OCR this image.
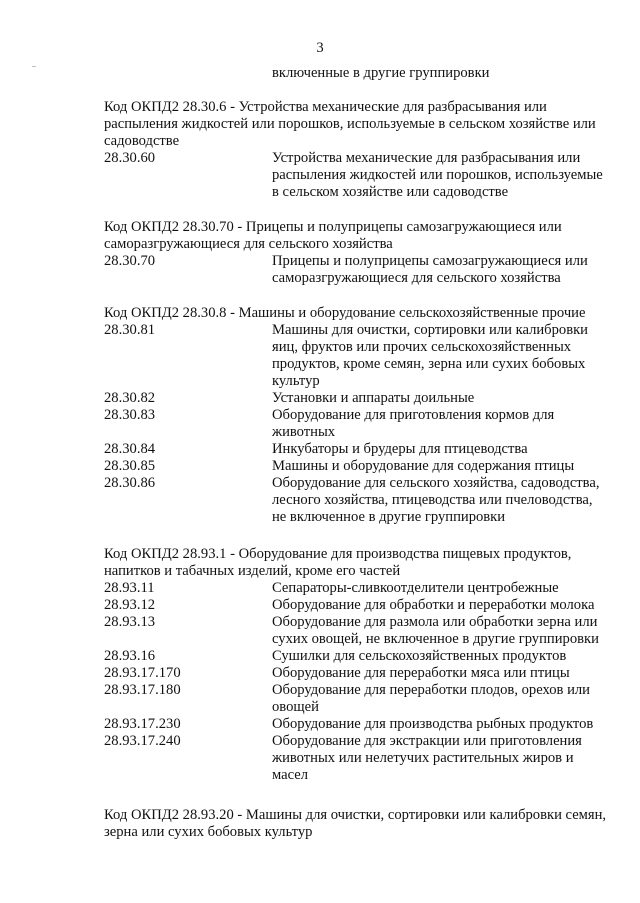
3
..
включенные в другие группировки

Код ОКПД2 28.30.6 - Устройства механические для разбрасывания или распыления жидкостей или порошков, используемые в сельском хозяйстве или садоводстве

28.30.60	Устройства механические для разбрасывания или распыления жидкостей или порошков, используемые в сельском хозяйстве или садоводстве

Код ОКПД2 28.30.70 - Прицепы и полуприцепы самозагружающиеся или саморазгружающиеся для сельского хозяйства

28.30.70	Прицепы и полуприцепы самозагружающиеся или саморазгружающиеся для сельского хозяйства

Код ОКПД2 28.30.8 - Машины и оборудование сельскохозяйственные прочие

28.30.81	Машины для очистки, сортировки или калибровки яиц, фруктов или прочих сельскохозяйственных продуктов, кроме семян, зерна или сухих бобовых культур
28.30.82	Установки и аппараты доильные
28.30.83	Оборудование для приготовления кормов для животных
28.30.84	Инкубаторы и брудеры для птицеводства
28.30.85	Машины и оборудование для содержания птицы
28.30.86	Оборудование для сельского хозяйства, садоводства, лесного хозяйства, птицеводства или пчеловодства, не включенное в другие группировки

Код ОКПД2 28.93.1 - Оборудование для производства пищевых продуктов, напитков и табачных изделий, кроме его частей

28.93.11	Сепараторы-сливкоотделители центробежные
28.93.12	Оборудование для обработки и переработки молока
28.93.13	Оборудование для размола или обработки зерна или сухих овощей, не включенное в другие группировки
28.93.16	Сушилки для сельскохозяйственных продуктов
28.93.17.170	Оборудование для переработки мяса или птицы
28.93.17.180	Оборудование для переработки плодов, орехов или овощей
28.93.17.230	Оборудование для производства рыбных продуктов
28.93.17.240	Оборудование для экстракции или приготовления животных или нелетучих растительных жиров и масел

Код ОКПД2 28.93.20 - Машины для очистки, сортировки или калибровки семян, зерна или сухих бобовых культур
